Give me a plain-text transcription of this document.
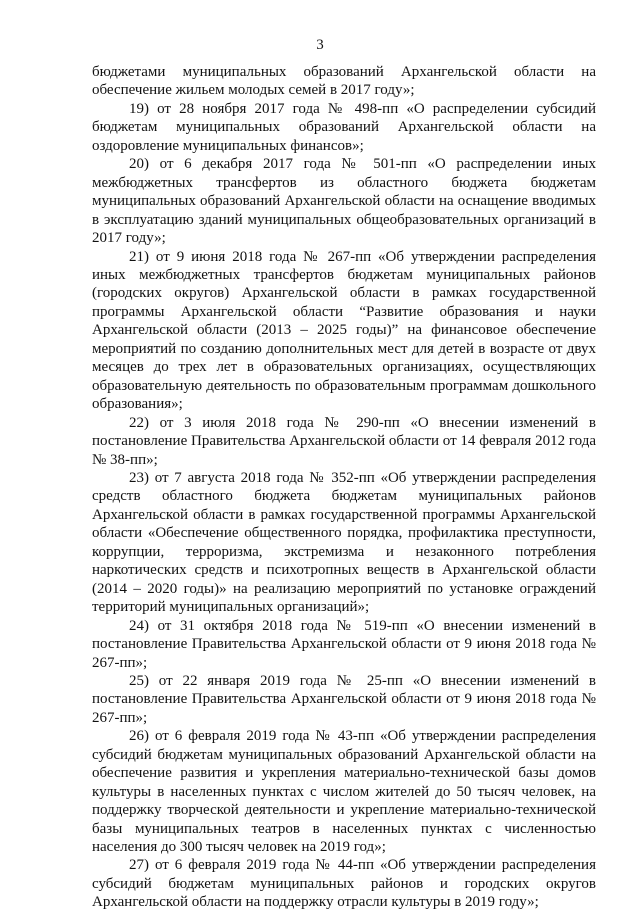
3

бюджетами муниципальных образований Архангельской области на обеспечение жильем молодых семей в 2017 году»;

19) от 28 ноября 2017 года № 498-пп «О распределении субсидий бюджетам муниципальных образований Архангельской области на оздоровление муниципальных финансов»;

20) от 6 декабря 2017 года № 501-пп «О распределении иных межбюджетных трансфертов из областного бюджета бюджетам муниципальных образований Архангельской области на оснащение вводимых в эксплуатацию зданий муниципальных общеобразовательных организаций в 2017 году»;

21) от 9 июня 2018 года № 267-пп «Об утверждении распределения иных межбюджетных трансфертов бюджетам муниципальных районов (городских округов) Архангельской области в рамках государственной программы Архангельской области “Развитие образования и науки Архангельской области (2013 – 2025 годы)” на финансовое обеспечение мероприятий по созданию дополнительных мест для детей в возрасте от двух месяцев до трех лет в образовательных организациях, осуществляющих образовательную деятельность по образовательным программам дошкольного образования»;

22) от 3 июля 2018 года № 290-пп «О внесении изменений в постановление Правительства Архангельской области от 14 февраля 2012 года № 38-пп»;

23) от 7 августа 2018 года № 352-пп «Об утверждении распределения средств областного бюджета бюджетам муниципальных районов Архангельской области в рамках государственной программы Архангельской области «Обеспечение общественного порядка, профилактика преступности, коррупции, терроризма, экстремизма и незаконного потребления наркотических средств и психотропных веществ в Архангельской области (2014 – 2020 годы)» на реализацию мероприятий по установке ограждений территорий муниципальных организаций»;

24) от 31 октября 2018 года № 519-пп «О внесении изменений в постановление Правительства Архангельской области от 9 июня 2018 года № 267-пп»;

25) от 22 января 2019 года № 25-пп «О внесении изменений в постановление Правительства Архангельской области от 9 июня 2018 года № 267-пп»;

26) от 6 февраля 2019 года № 43-пп «Об утверждении распределения субсидий бюджетам муниципальных образований Архангельской области на обеспечение развития и укрепления материально-технической базы домов культуры в населенных пунктах с числом жителей до 50 тысяч человек, на поддержку творческой деятельности и укрепление материально-технической базы муниципальных театров в населенных пунктах с численностью населения до 300 тысяч человек на 2019 год»;

27) от 6 февраля 2019 года № 44-пп «Об утверждении распределения субсидий бюджетам муниципальных районов и городских округов Архангельской области на поддержку отрасли культуры в 2019 году»;
